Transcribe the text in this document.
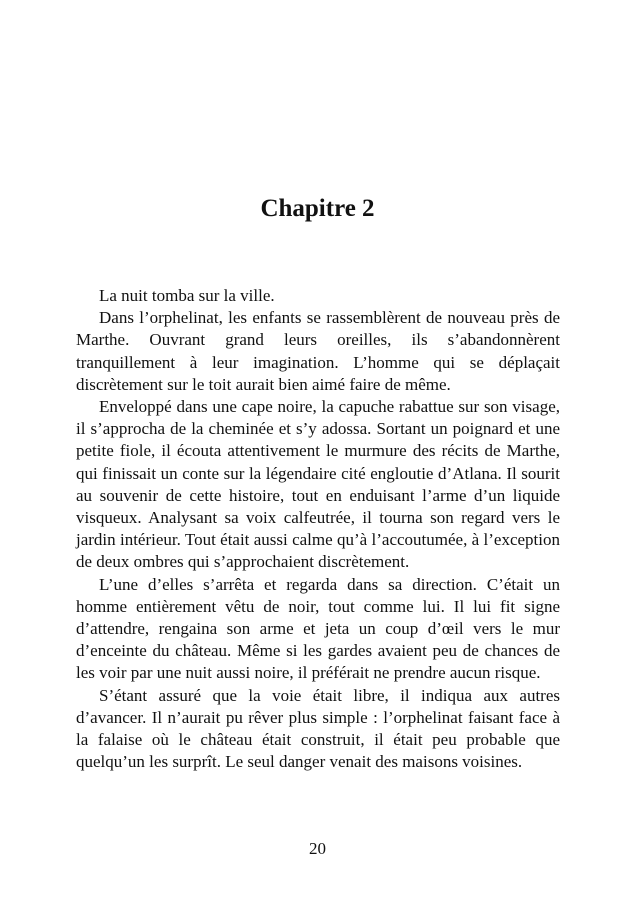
Chapitre 2

La nuit tomba sur la ville.

Dans l’orphelinat, les enfants se rassemblèrent de nouveau près de Marthe. Ouvrant grand leurs oreilles, ils s’abandonnèrent tranquillement à leur imagination. L’homme qui se déplaçait discrètement sur le toit aurait bien aimé faire de même.

Enveloppé dans une cape noire, la capuche rabattue sur son visage, il s’approcha de la cheminée et s’y adossa. Sortant un poignard et une petite fiole, il écouta attentivement le murmure des récits de Marthe, qui finissait un conte sur la légendaire cité engloutie d’Atlana. Il sourit au souvenir de cette histoire, tout en enduisant l’arme d’un liquide visqueux. Analysant sa voix calfeutrée, il tourna son regard vers le jardin intérieur. Tout était aussi calme qu’à l’accoutumée, à l’exception de deux ombres qui s’approchaient discrètement.

L’une d’elles s’arrêta et regarda dans sa direction. C’était un homme entièrement vêtu de noir, tout comme lui. Il lui fit signe d’attendre, rengaina son arme et jeta un coup d’œil vers le mur d’enceinte du château. Même si les gardes avaient peu de chances de les voir par une nuit aussi noire, il préférait ne prendre aucun risque.

S’étant assuré que la voie était libre, il indiqua aux autres d’avancer. Il n’aurait pu rêver plus simple : l’orphelinat faisant face à la falaise où le château était construit, il était peu probable que quelqu’un les surprît. Le seul danger venait des maisons voisines.

20
